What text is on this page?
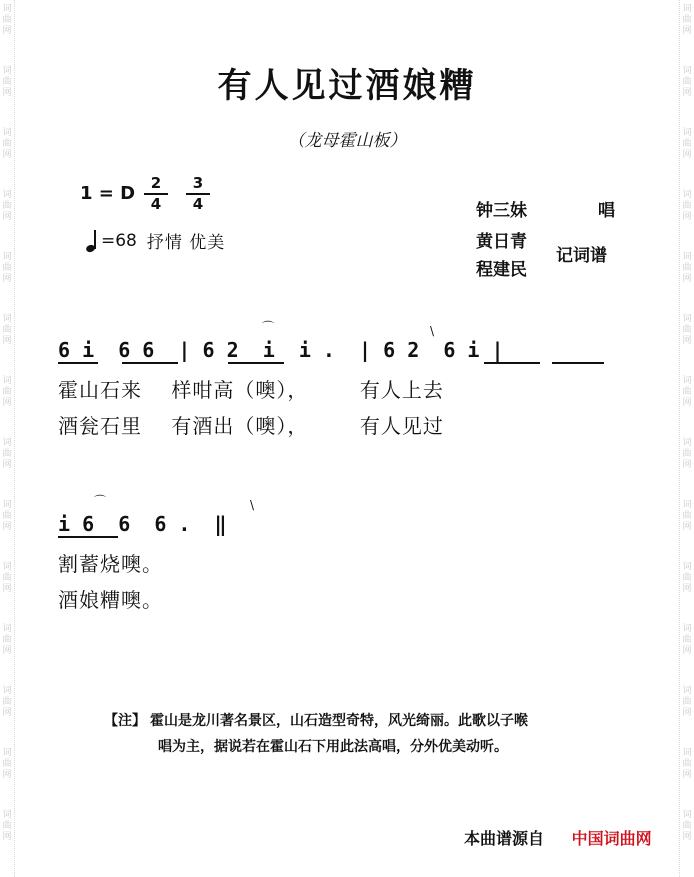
词
曲
网
词
曲
网
词
曲
网
词
曲
网
词
曲
网
词
曲
网
词
曲
网
词
曲
网
词
曲
网
词
曲
网
词
曲
网
词
曲
网
词
曲
网
词
曲
网
词
曲
网
词
曲
网
词
曲
网
词
曲
网
词
曲
网
词
曲
网
词
曲
网
词
曲
网
词
曲
网
词
曲
网
词
曲
网
词
曲
网
词
曲
网
词
曲
网
有人见过酒娘糟
（龙母霍山板）
1 = D	2
4
3
4
=68 抒情 优美
钟三妹	唱
黄日青
程建民
记词谱
6 i  6 6  | 6 2  i  i .  | 6 2  6 i |
⌒	\
霍山石来    样咁高（噢），       有人上去
酒瓮石里    有酒出（噢），       有人见过
i 6  6  6 .  ‖
⌒	\
割蓄烧噢。
酒娘糟噢。
【注】 霍山是龙川著名景区，山石造型奇特，风光绮丽。此歌以子喉
唱为主，据说若在霍山石下用此法高唱，分外优美动听。
本曲谱源自 中国词曲网
